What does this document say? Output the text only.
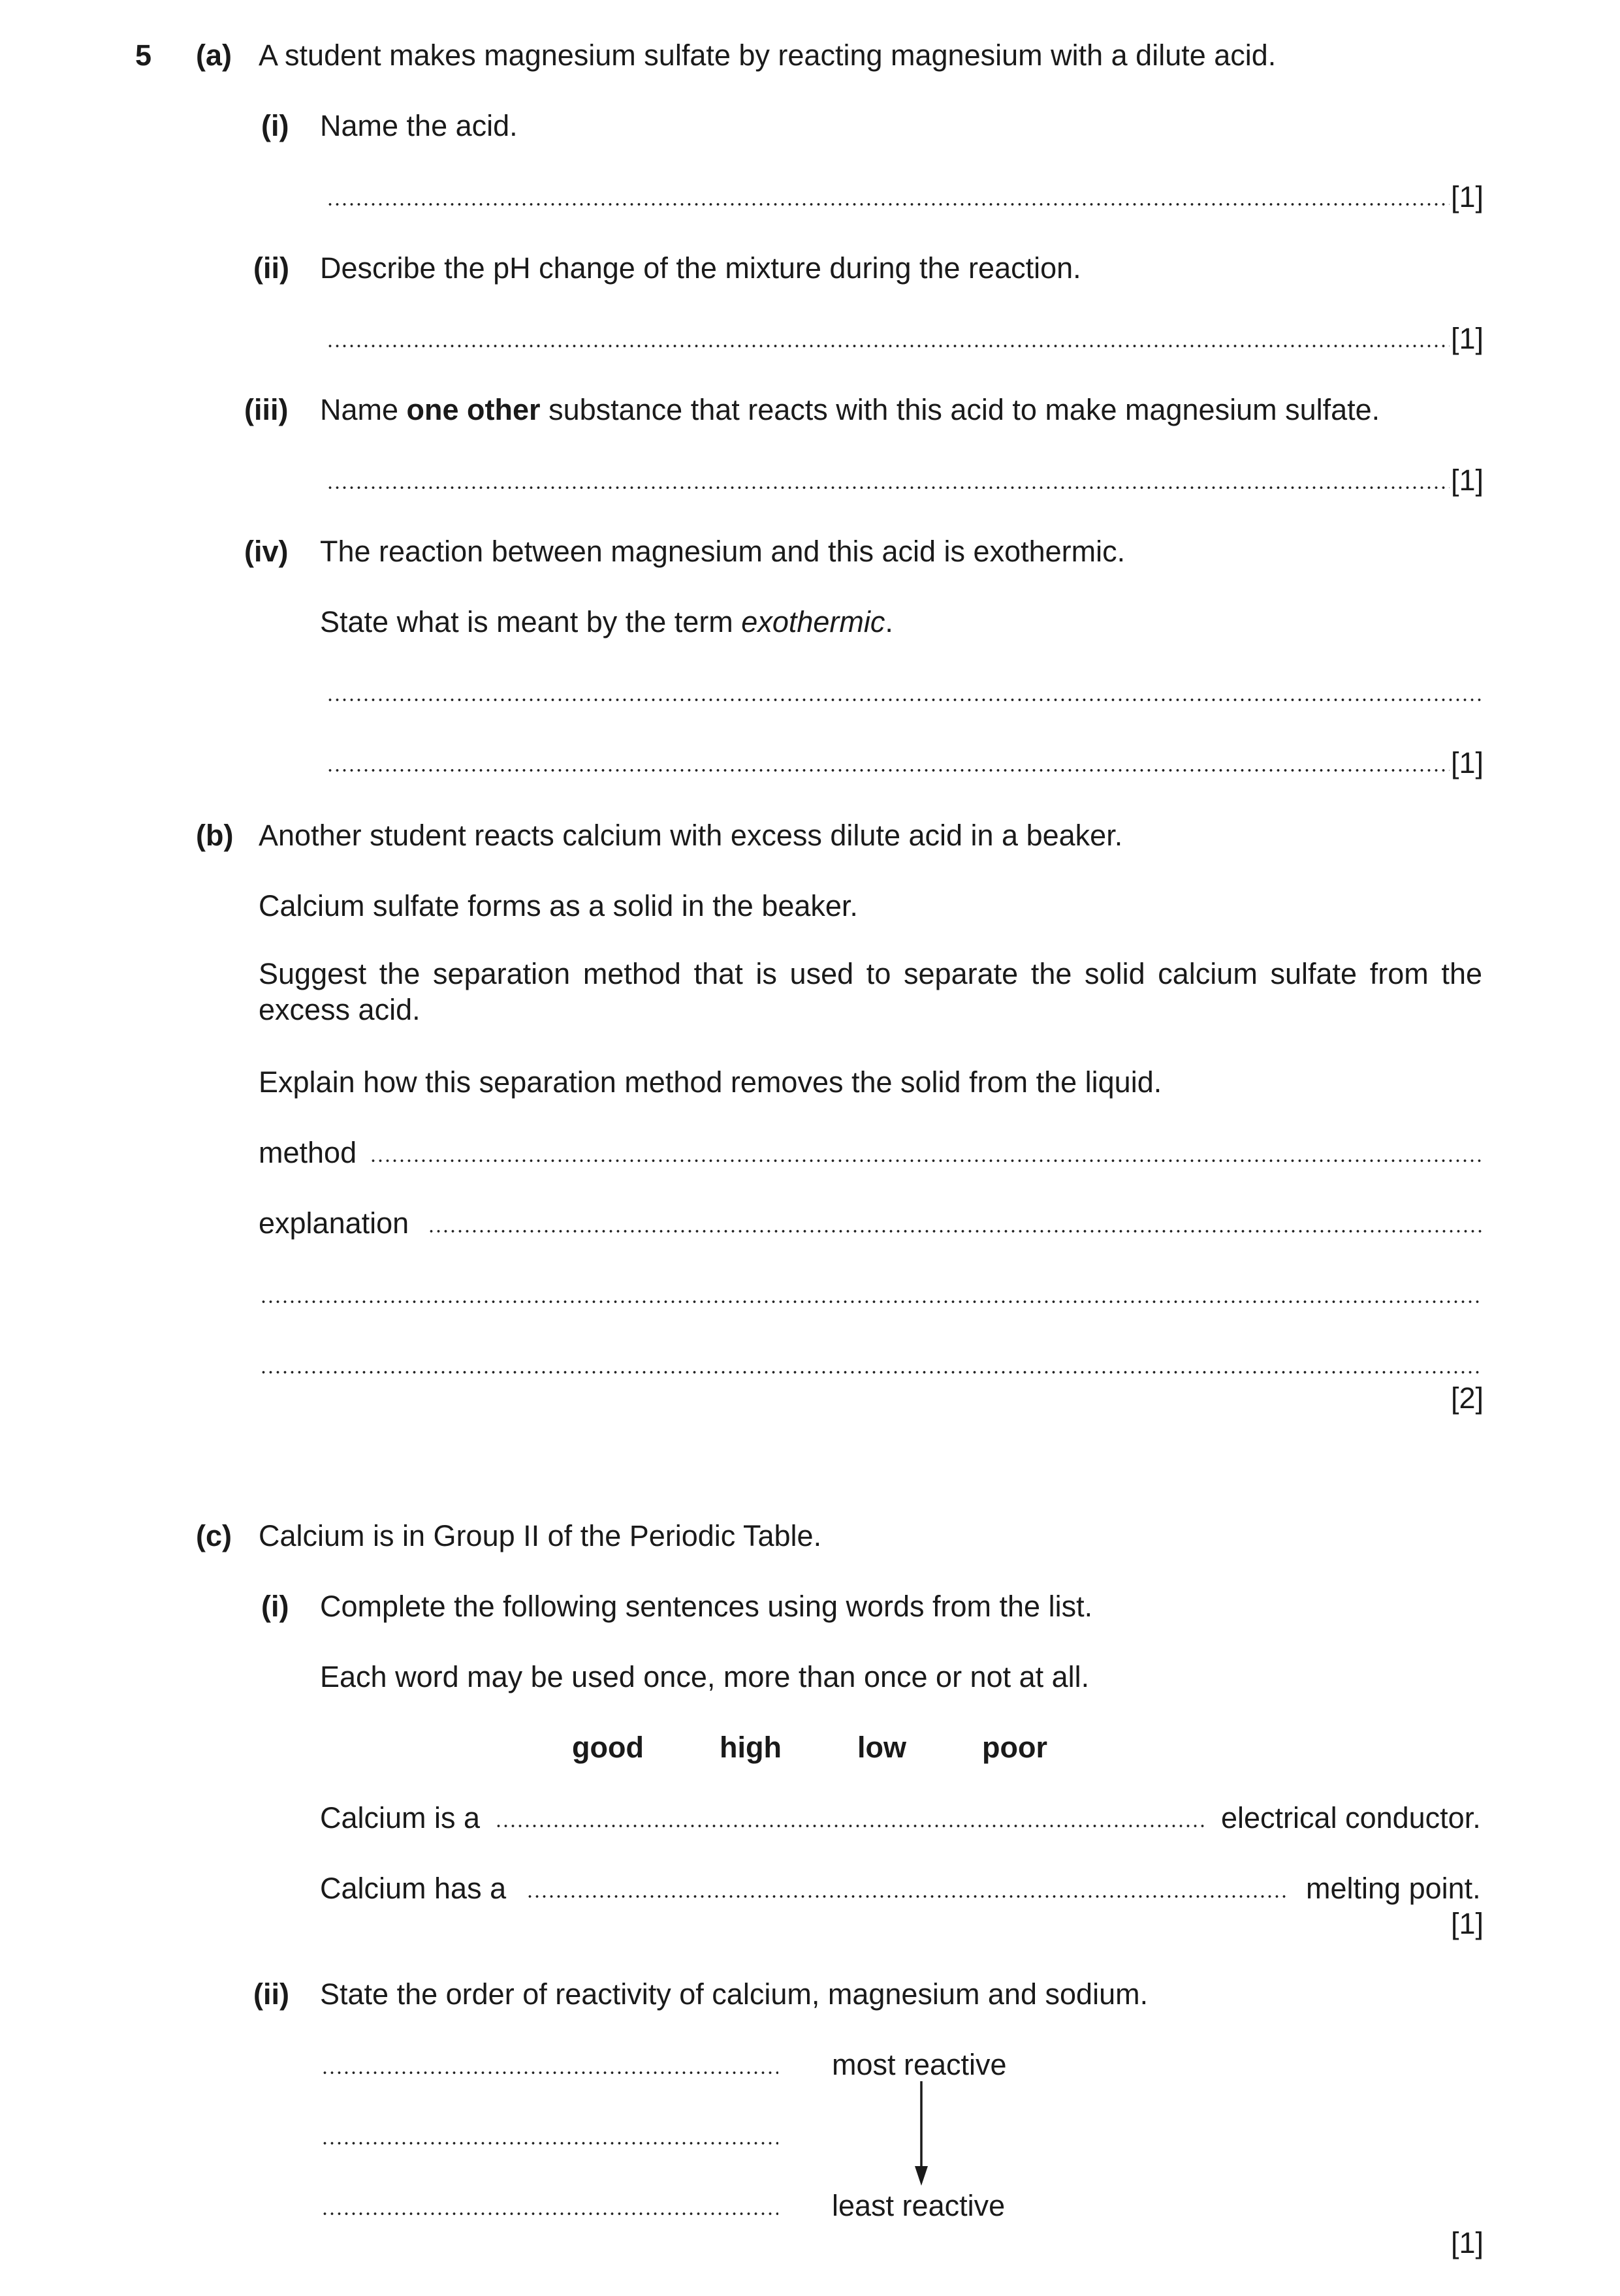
5 (a) A student makes magnesium sulfate by reacting magnesium with a dilute acid.
(i) Name the acid.
[1]
(ii) Describe the pH change of the mixture during the reaction.
[1]
(iii) Name one other substance that reacts with this acid to make magnesium sulfate.
[1]
(iv) The reaction between magnesium and this acid is exothermic.
State what is meant by the term exothermic.
[1]
(b) Another student reacts calcium with excess dilute acid in a beaker.
Calcium sulfate forms as a solid in the beaker.
Suggest the separation method that is used to separate the solid calcium sulfate from the excess acid.
Explain how this separation method removes the solid from the liquid.
method
explanation
[2]
(c) Calcium is in Group II of the Periodic Table.
(i) Complete the following sentences using words from the list.
Each word may be used once, more than once or not at all.
good	high	low	poor
Calcium is a	electrical conductor.
Calcium has a	melting point.
[1]
(ii) State the order of reactivity of calcium, magnesium and sodium.
most reactive
least reactive
[1]
